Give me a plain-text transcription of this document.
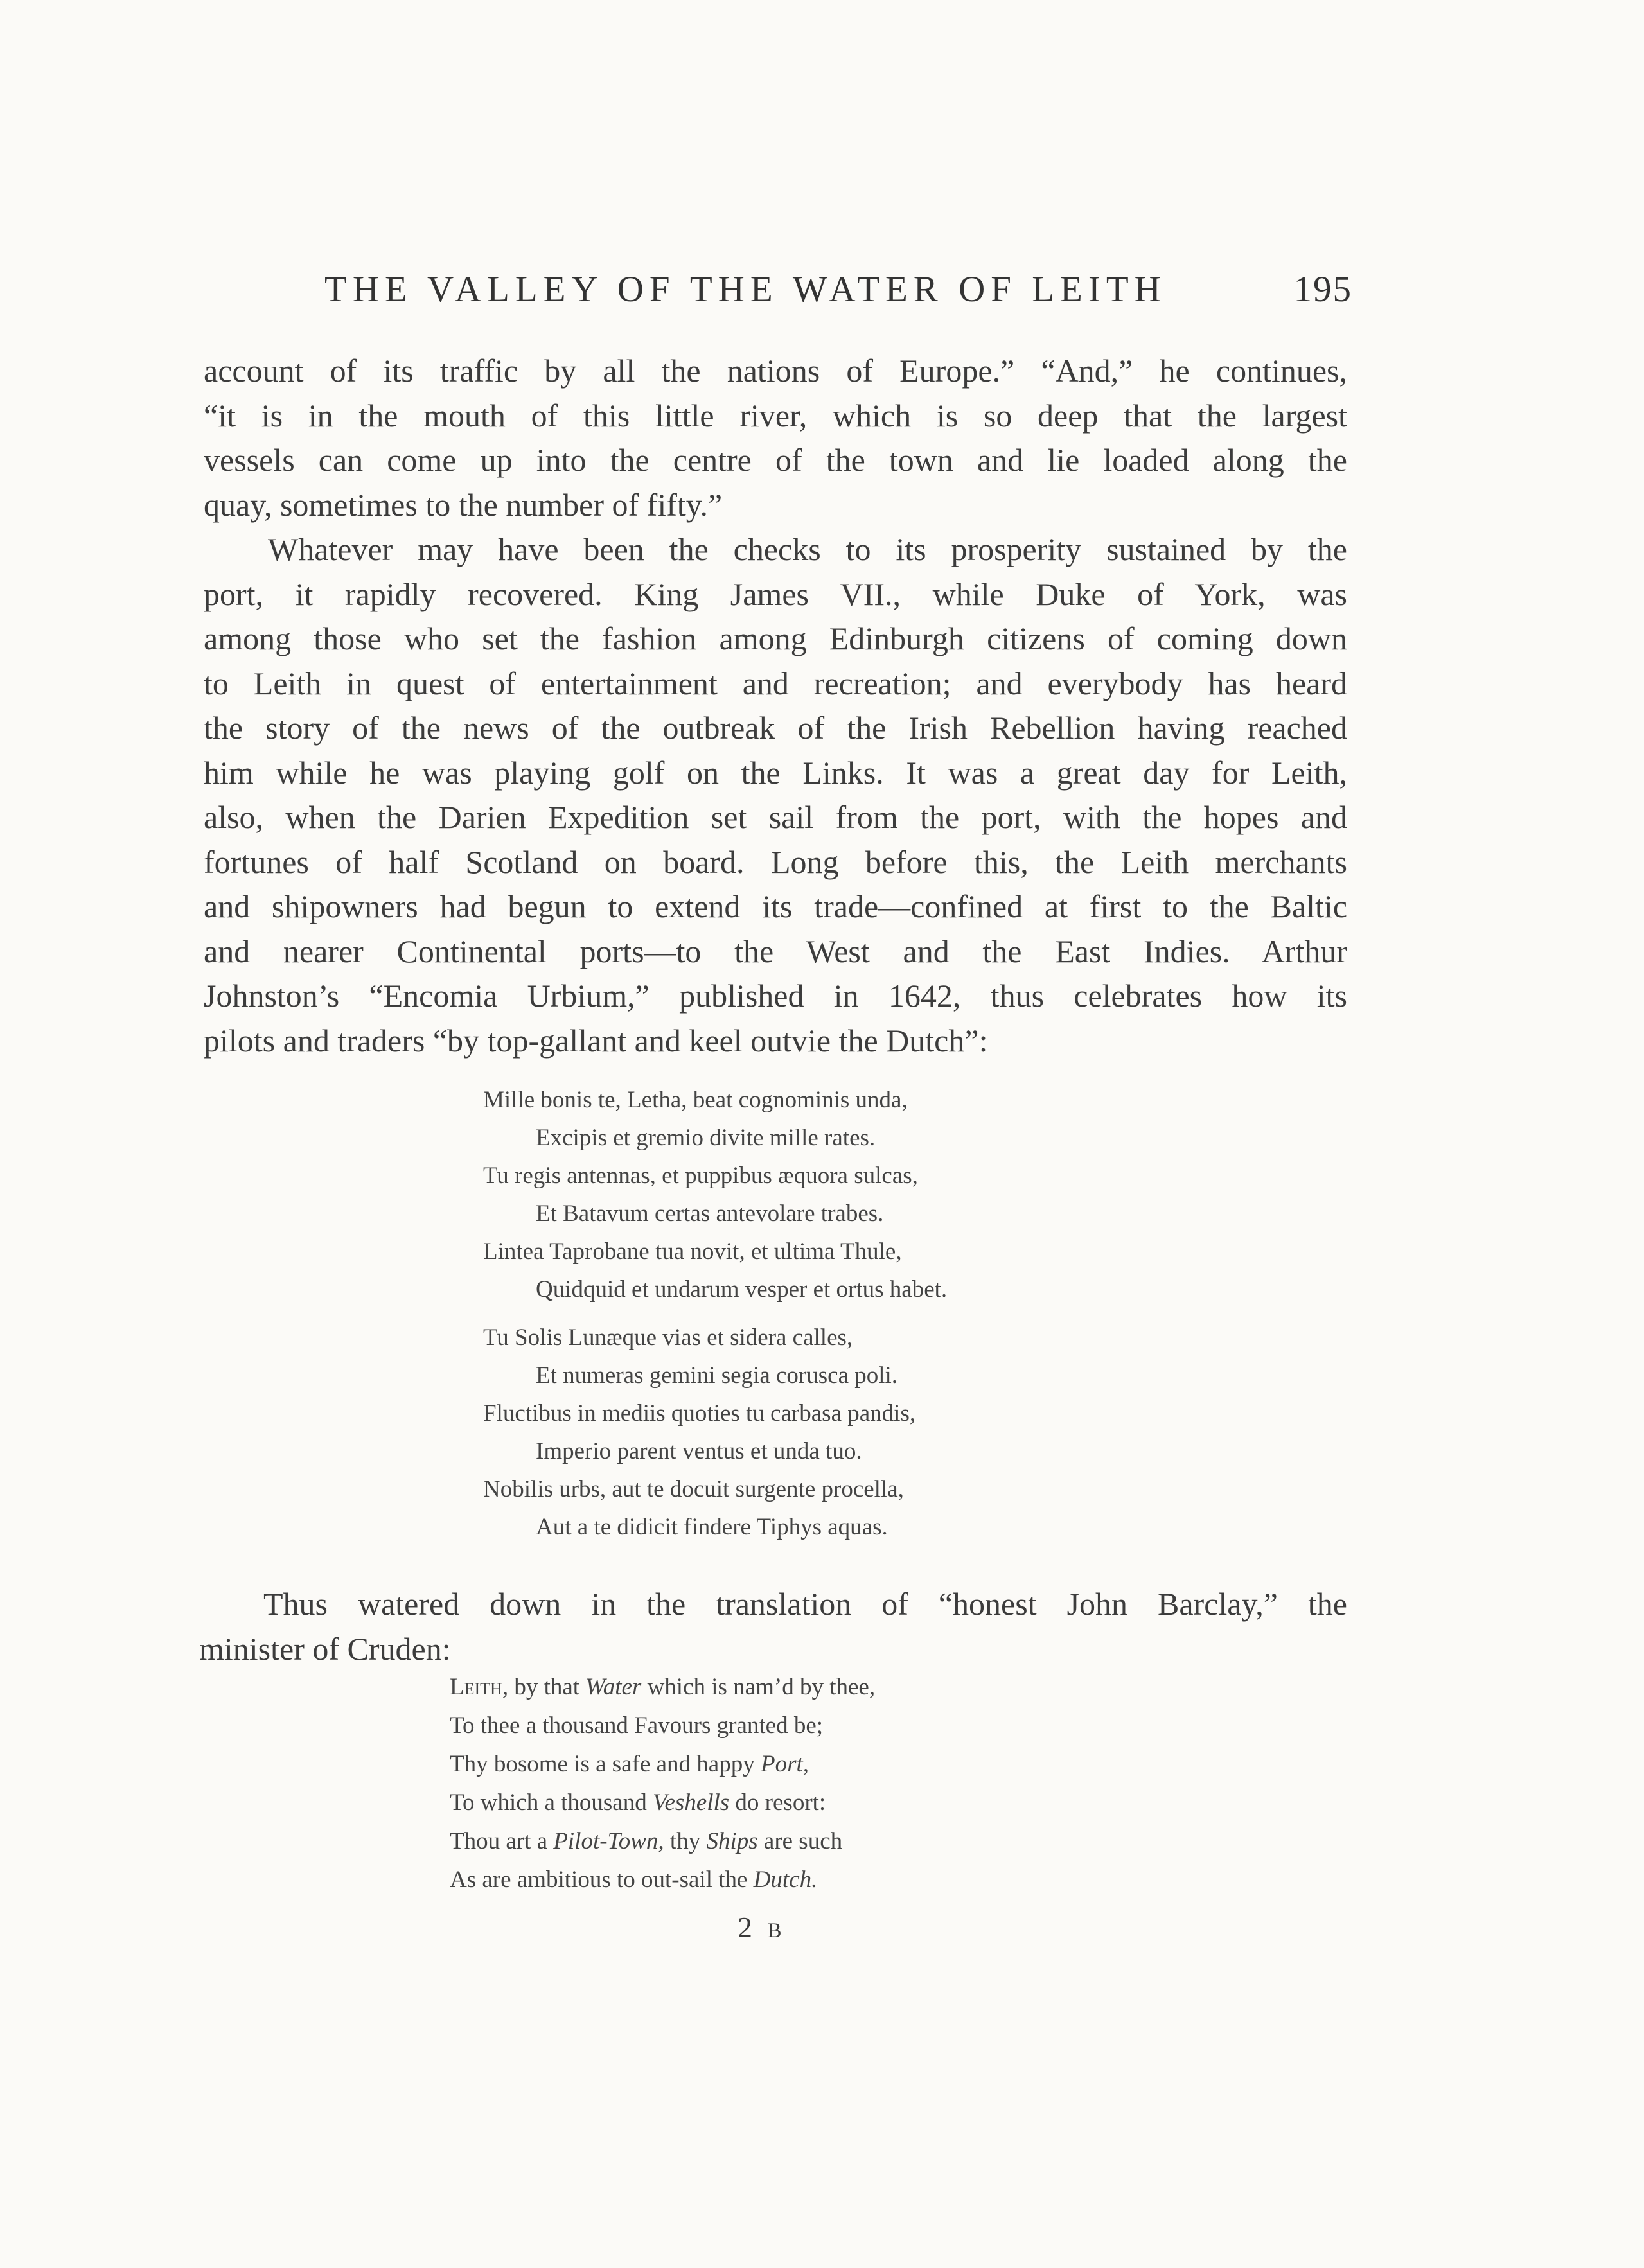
THE VALLEY OF THE WATER OF LEITH	195
account of its traffic by all the nations of Europe.” “And,” he continues,
“it is in the mouth of this little river, which is so deep that the largest
vessels can come up into the centre of the town and lie loaded along the
quay, sometimes to the number of fifty.”
Whatever may have been the checks to its prosperity sustained by the
port, it rapidly recovered. King James VII., while Duke of York, was
among those who set the fashion among Edinburgh citizens of coming down
to Leith in quest of entertainment and recreation; and everybody has heard
the story of the news of the outbreak of the Irish Rebellion having reached
him while he was playing golf on the Links. It was a great day for Leith,
also, when the Darien Expedition set sail from the port, with the hopes and
fortunes of half Scotland on board. Long before this, the Leith merchants
and shipowners had begun to extend its trade—confined at first to the Baltic
and nearer Continental ports—to the West and the East Indies. Arthur
Johnston’s “Encomia Urbium,” published in 1642, thus celebrates how its
pilots and traders “by top-gallant and keel outvie the Dutch”:
Mille bonis te, Letha, beat cognominis unda,
Excipis et gremio divite mille rates.
Tu regis antennas, et puppibus æquora sulcas,
Et Batavum certas antevolare trabes.
Lintea Taprobane tua novit, et ultima Thule,
Quidquid et undarum vesper et ortus habet.
Tu Solis Lunæque vias et sidera calles,
Et numeras gemini segia corusca poli.
Fluctibus in mediis quoties tu carbasa pandis,
Imperio parent ventus et unda tuo.
Nobilis urbs, aut te docuit surgente procella,
Aut a te didicit findere Tiphys aquas.
Thus watered down in the translation of “honest John Barclay,” the
minister of Cruden:
Leith, by that Water which is nam’d by thee,
To thee a thousand Favours granted be;
Thy bosome is a safe and happy Port,
To which a thousand Veshells do resort:
Thou art a Pilot-Town, thy Ships are such
As are ambitious to out-sail the Dutch.
2 B
